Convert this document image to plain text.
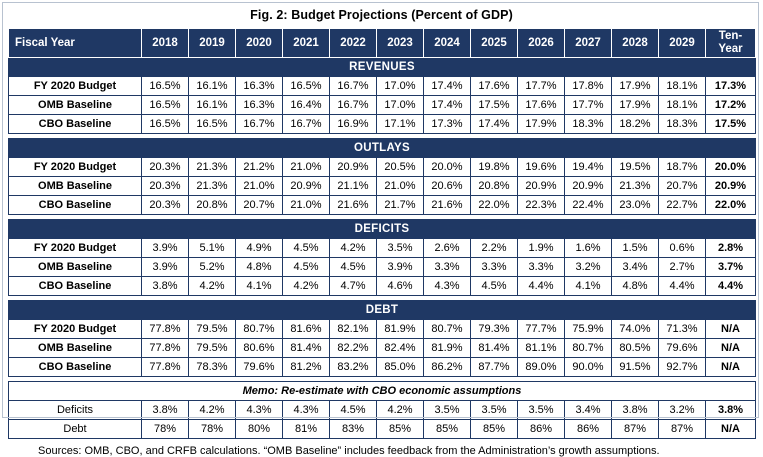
Fig. 2: Budget Projections (Percent of GDP)
Fiscal Year	2018	2019	2020	2021	2022	2023	2024	2025	2026	2027	2028	2029	Ten-
Year
REVENUES													
FY 2020 Budget	16.5%	16.1%	16.3%	16.5%	16.7%	17.0%	17.4%	17.6%	17.7%	17.8%	17.9%	18.1%	17.3%
OMB Baseline	16.5%	16.1%	16.3%	16.4%	16.7%	17.0%	17.4%	17.5%	17.6%	17.7%	17.9%	18.1%	17.2%
CBO Baseline	16.5%	16.5%	16.7%	16.7%	16.9%	17.1%	17.3%	17.4%	17.9%	18.3%	18.2%	18.3%	17.5%

OUTLAYS													
FY 2020 Budget	20.3%	21.3%	21.2%	21.0%	20.9%	20.5%	20.0%	19.8%	19.6%	19.4%	19.5%	18.7%	20.0%
OMB Baseline	20.3%	21.3%	21.0%	20.9%	21.1%	21.0%	20.6%	20.8%	20.9%	20.9%	21.3%	20.7%	20.9%
CBO Baseline	20.3%	20.8%	20.7%	21.0%	21.6%	21.7%	21.6%	22.0%	22.3%	22.4%	23.0%	22.7%	22.0%

DEFICITS													
FY 2020 Budget	3.9%	5.1%	4.9%	4.5%	4.2%	3.5%	2.6%	2.2%	1.9%	1.6%	1.5%	0.6%	2.8%
OMB Baseline	3.9%	5.2%	4.8%	4.5%	4.5%	3.9%	3.3%	3.3%	3.3%	3.2%	3.4%	2.7%	3.7%
CBO Baseline	3.8%	4.2%	4.1%	4.2%	4.7%	4.6%	4.3%	4.5%	4.4%	4.1%	4.8%	4.4%	4.4%

DEBT													
FY 2020 Budget	77.8%	79.5%	80.7%	81.6%	82.1%	81.9%	80.7%	79.3%	77.7%	75.9%	74.0%	71.3%	N/A
OMB Baseline	77.8%	79.5%	80.6%	81.4%	82.2%	82.4%	81.9%	81.4%	81.1%	80.7%	80.5%	79.6%	N/A
CBO Baseline	77.8%	78.3%	79.6%	81.2%	83.2%	85.0%	86.2%	87.7%	89.0%	90.0%	91.5%	92.7%	N/A

Memo: Re-estimate with CBO economic assumptions													
Deficits	3.8%	4.2%	4.3%	4.3%	4.5%	4.2%	3.5%	3.5%	3.5%	3.4%	3.8%	3.2%	3.8%
Debt	78%	78%	80%	81%	83%	85%	85%	85%	86%	86%	87%	87%	N/A
Sources: OMB, CBO, and CRFB calculations. “OMB Baseline” includes feedback from the Administration’s growth assumptions.
